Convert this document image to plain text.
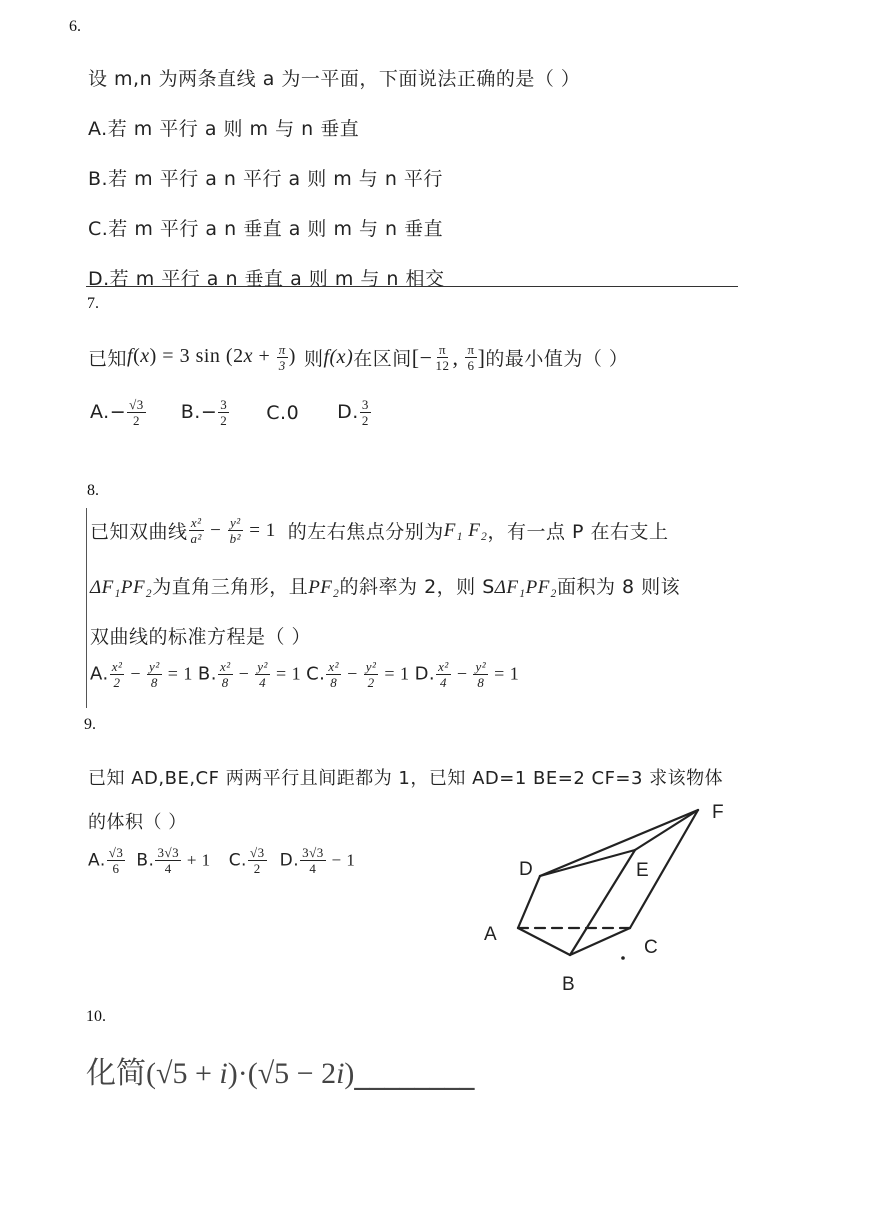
6.
设 m,n 为两条直线 a 为一平面，下面说法正确的是（ ）
A.若 m 平行 a 则 m 与 n 垂直
B.若 m 平行 a n 平行 a 则 m 与 n 平行
C.若 m 平行 a n 垂直 a 则 m 与 n 垂直
D.若 m 平行 a n 垂直 a 则 m 与 n 相交
7.
已知 f(x) = 3 $\sin (2x + \frac{\pi}{3}$ ) 则 f(x) 在区间 [− $\frac{\pi}{12}$ , $\frac{\pi}{6}$ ] 的最小值为（ ）
$A.- \frac{√3}{2} B.- \frac{3}{2} C.0$ D. $\frac{3}{2}$
8.
已知双曲线 $\frac{\text{x²}}{\text{a²}} - \frac{\text{y²}}{\text{b²}} = 1$ 的左右焦点分别为 F₁ F₂ ，有一点 P 在右支上
ΔF₁PF₂为直角三角形，且PF₂的斜率为 2，则 SΔF₁PF₂面积为 8 则该
双曲线的标准方程是（ ）
A. $\frac{\text{x²}}{2} - \frac{\text{y²}}{8} = 1$ B. $\frac{\text{x²}}{8} - \frac{\text{y²}}{4} = 1$ C. $\frac{\text{x²}}{8} - \frac{\text{y²}}{2} = 1$ D. $\frac{\text{x²}}{4} - \frac{\text{y²}}{8} = 1$
9.
已知 AD,BE,CF 两两平行且间距都为 1，已知 AD=1 BE=2 CF=3 求该物体
的体积（ ）
A. $\frac{√3}{6} B$. $\frac{3√3}{4} + 1$ C. $\frac{√3}{2} D$. $\frac{3√3}{4} - 1$
A
B
C
D	E
F
10.
化简 (√5 + i)·(√5 − 2i) ________
